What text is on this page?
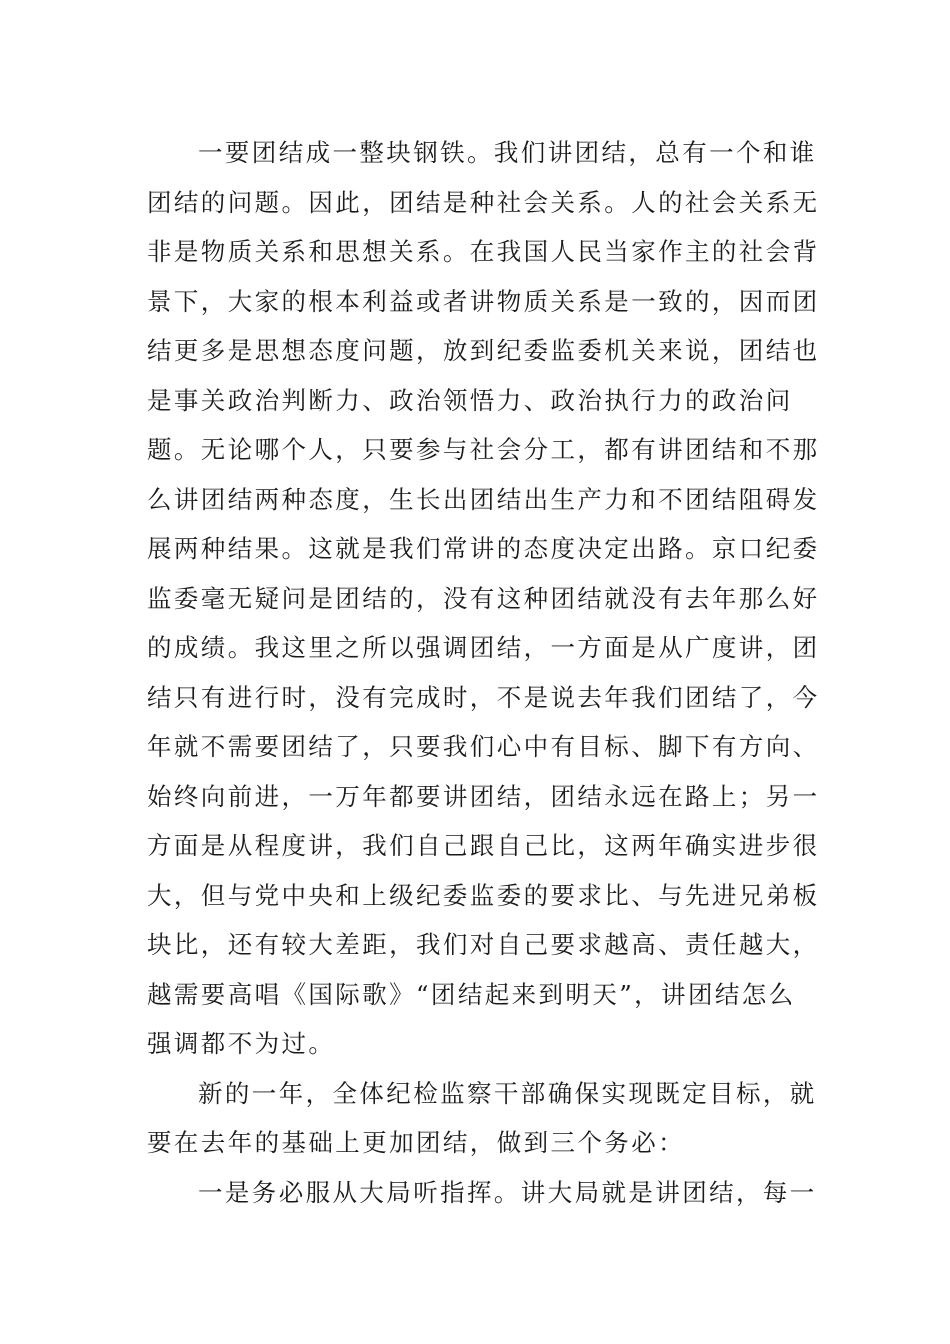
一要团结成一整块钢铁。我们讲团结，总有一个和谁
团结的问题。因此，团结是种社会关系。人的社会关系无
非是物质关系和思想关系。在我国人民当家作主的社会背
景下，大家的根本利益或者讲物质关系是一致的，因而团
结更多是思想态度问题，放到纪委监委机关来说，团结也
是事关政治判断力、政治领悟力、政治执行力的政治问
题。无论哪个人，只要参与社会分工，都有讲团结和不那
么讲团结两种态度，生长出团结出生产力和不团结阻碍发
展两种结果。这就是我们常讲的态度决定出路。京口纪委
监委毫无疑问是团结的，没有这种团结就没有去年那么好
的成绩。我这里之所以强调团结，一方面是从广度讲，团
结只有进行时，没有完成时，不是说去年我们团结了，今
年就不需要团结了，只要我们心中有目标、脚下有方向、
始终向前进，一万年都要讲团结，团结永远在路上；另一
方面是从程度讲，我们自己跟自己比，这两年确实进步很
大，但与党中央和上级纪委监委的要求比、与先进兄弟板
块比，还有较大差距，我们对自己要求越高、责任越大，
越需要高唱《国际歌》“团结起来到明天”，讲团结怎么
强调都不为过。
新的一年，全体纪检监察干部确保实现既定目标，就
要在去年的基础上更加团结，做到三个务必：
一是务必服从大局听指挥。讲大局就是讲团结，每一
